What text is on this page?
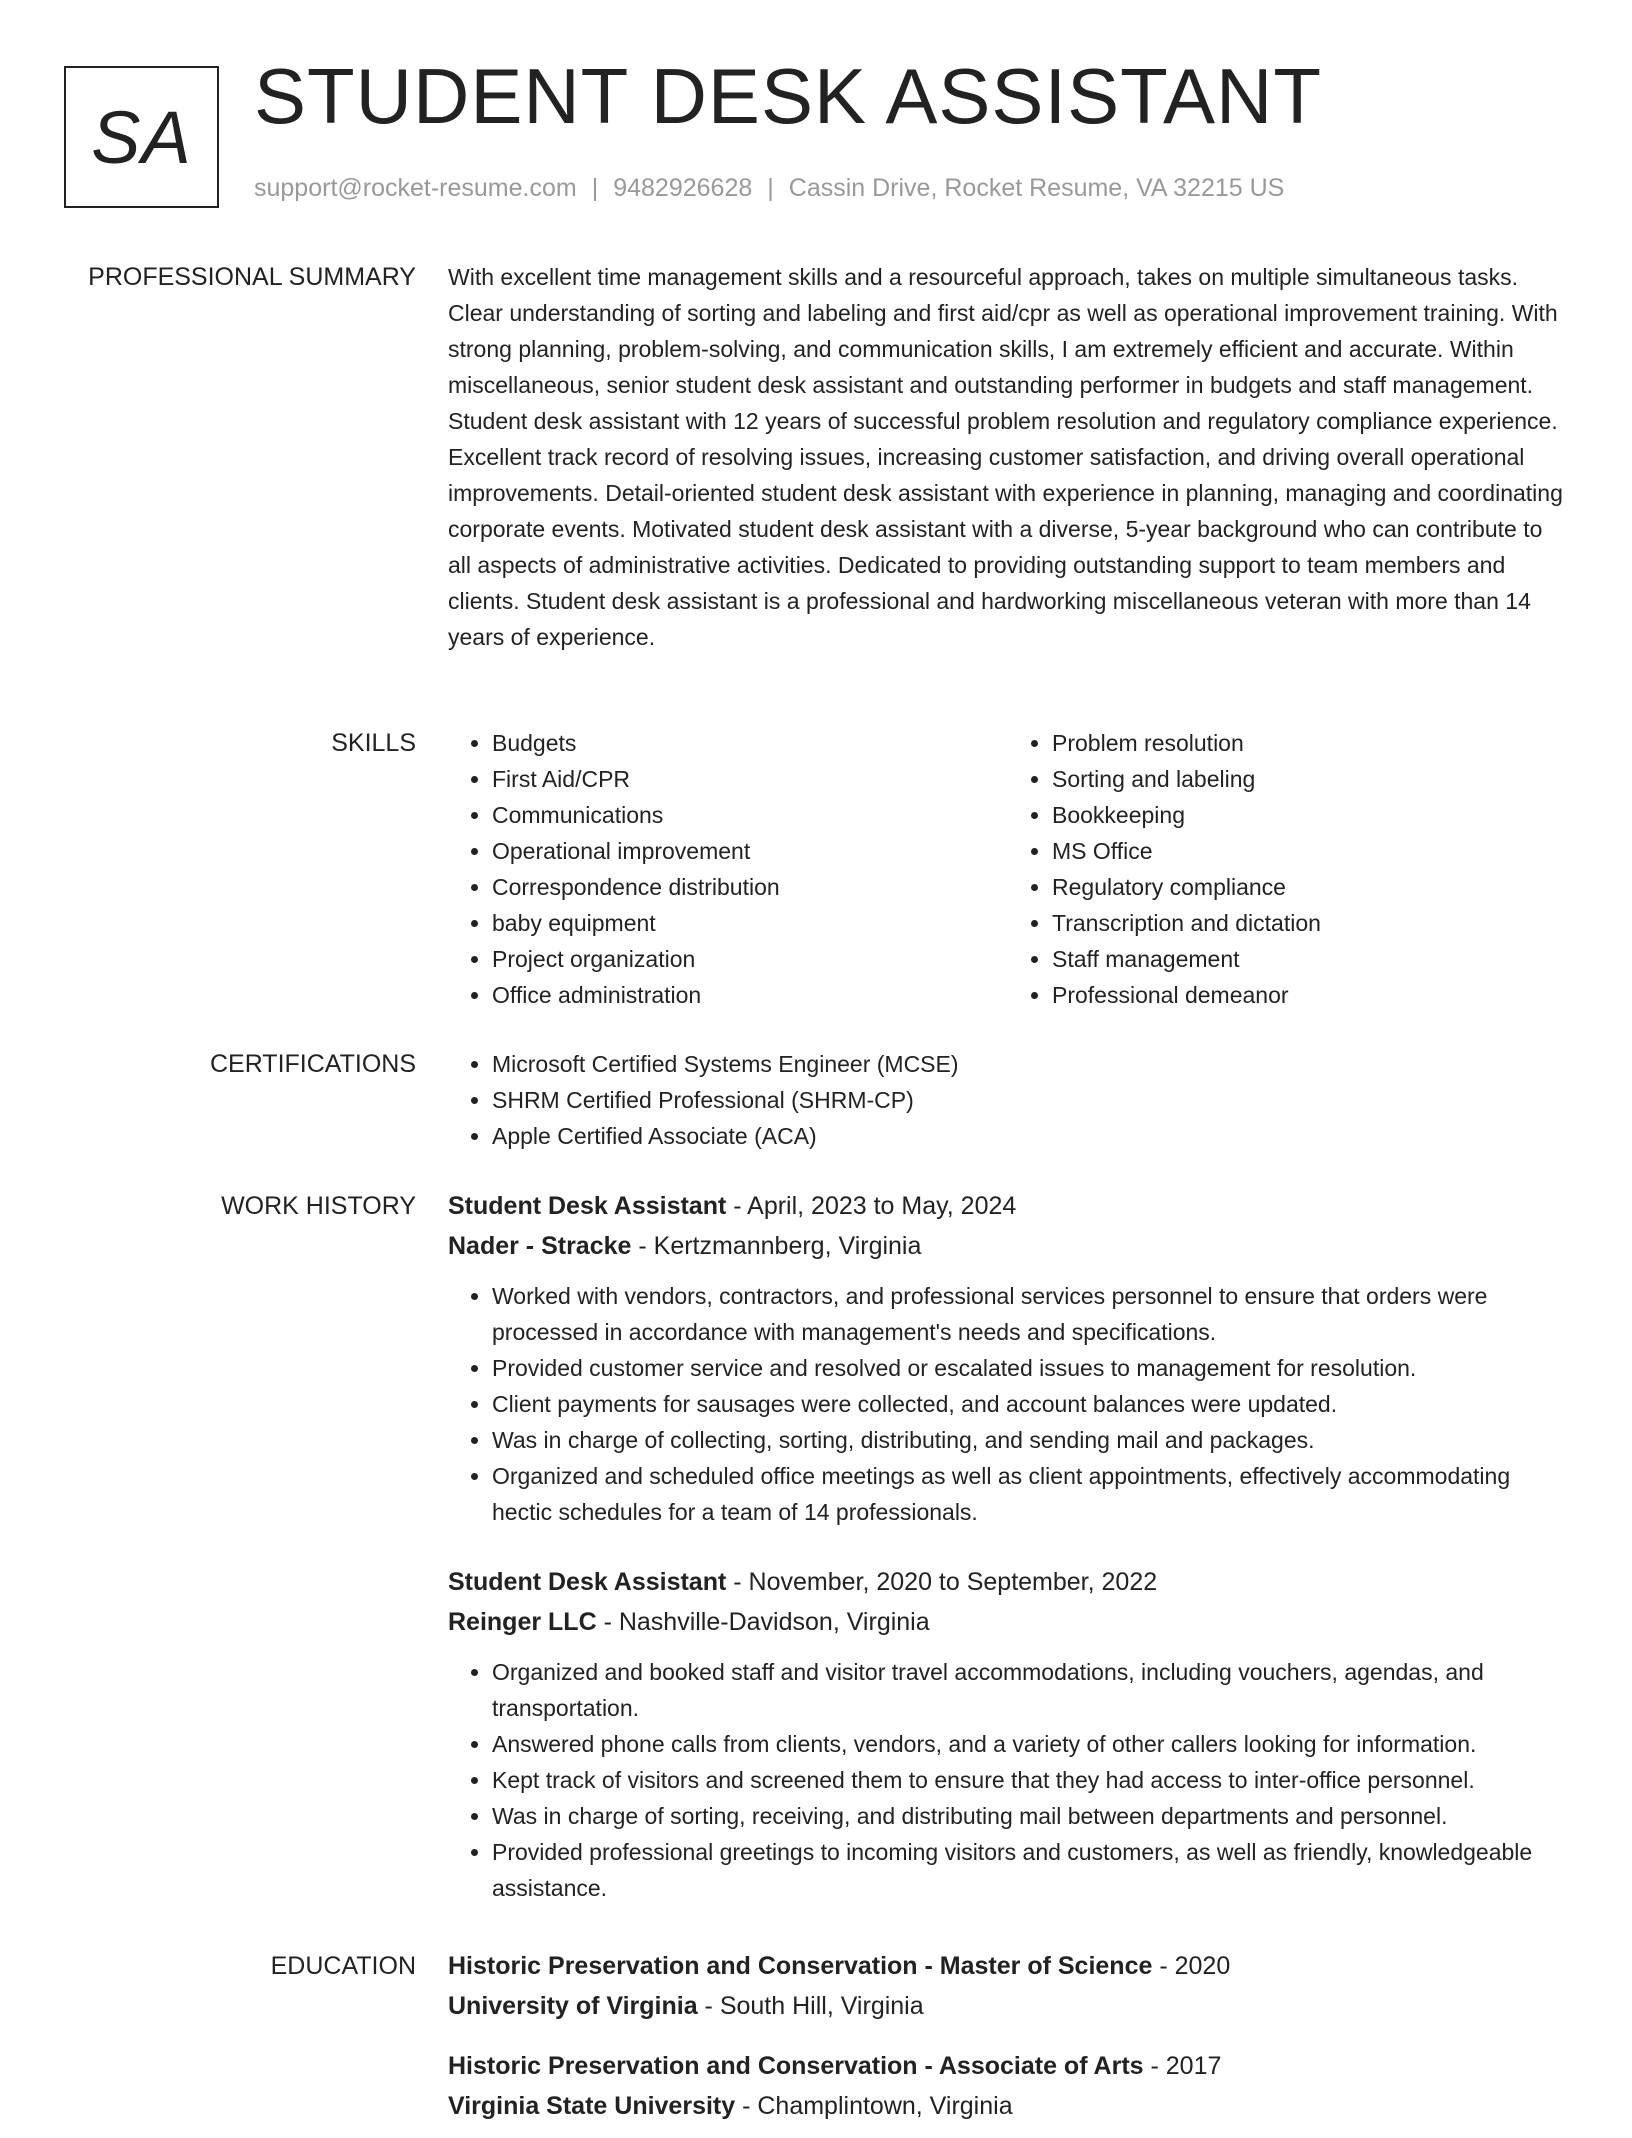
SA STUDENT DESK ASSISTANT
support@rocket-resume.com | 9482926628 | Cassin Drive, Rocket Resume, VA 32215 US
PROFESSIONAL SUMMARY With excellent time management skills and a resourceful approach, takes on multiple simultaneous tasks. Clear understanding of sorting and labeling and first aid/cpr as well as operational improvement training. With strong planning, problem-solving, and communication skills, I am extremely efficient and accurate. Within miscellaneous, senior student desk assistant and outstanding performer in budgets and staff management. Student desk assistant with 12 years of successful problem resolution and regulatory compliance experience. Excellent track record of resolving issues, increasing customer satisfaction, and driving overall operational improvements. Detail-oriented student desk assistant with experience in planning, managing and coordinating corporate events. Motivated student desk assistant with a diverse, 5-year background who can contribute to all aspects of administrative activities. Dedicated to providing outstanding support to team members and clients. Student desk assistant is a professional and hardworking miscellaneous veteran with more than 14 years of experience.

SKILLS	• Budgets
• First Aid/CPR
• Communications
• Operational improvement
• Correspondence distribution
• baby equipment
• Project organization
• Office administration
• Problem resolution
• Sorting and labeling
• Bookkeeping
• MS Office
• Regulatory compliance
• Transcription and dictation
• Staff management
• Professional demeanor
CERTIFICATIONS	• Microsoft Certified Systems Engineer (MCSE)
• SHRM Certified Professional (SHRM-CP)
• Apple Certified Associate (ACA)
WORK HISTORY Student Desk Assistant - April, 2023 to May, 2024
Nader - Stracke - Kertzmannberg, Virginia
• Worked with vendors, contractors, and professional services personnel to ensure that orders were processed in accordance with management's needs and specifications.
• Provided customer service and resolved or escalated issues to management for resolution.
• Client payments for sausages were collected, and account balances were updated.
• Was in charge of collecting, sorting, distributing, and sending mail and packages.
• Organized and scheduled office meetings as well as client appointments, effectively accommodating hectic schedules for a team of 14 professionals.
Student Desk Assistant - November, 2020 to September, 2022
Reinger LLC - Nashville-Davidson, Virginia
• Organized and booked staff and visitor travel accommodations, including vouchers, agendas, and transportation.
• Answered phone calls from clients, vendors, and a variety of other callers looking for information.
• Kept track of visitors and screened them to ensure that they had access to inter-office personnel.
• Was in charge of sorting, receiving, and distributing mail between departments and personnel.
• Provided professional greetings to incoming visitors and customers, as well as friendly, knowledgeable assistance.
EDUCATION Historic Preservation and Conservation - Master of Science - 2020
University of Virginia - South Hill, Virginia
Historic Preservation and Conservation - Associate of Arts - 2017
Virginia State University - Champlintown, Virginia
